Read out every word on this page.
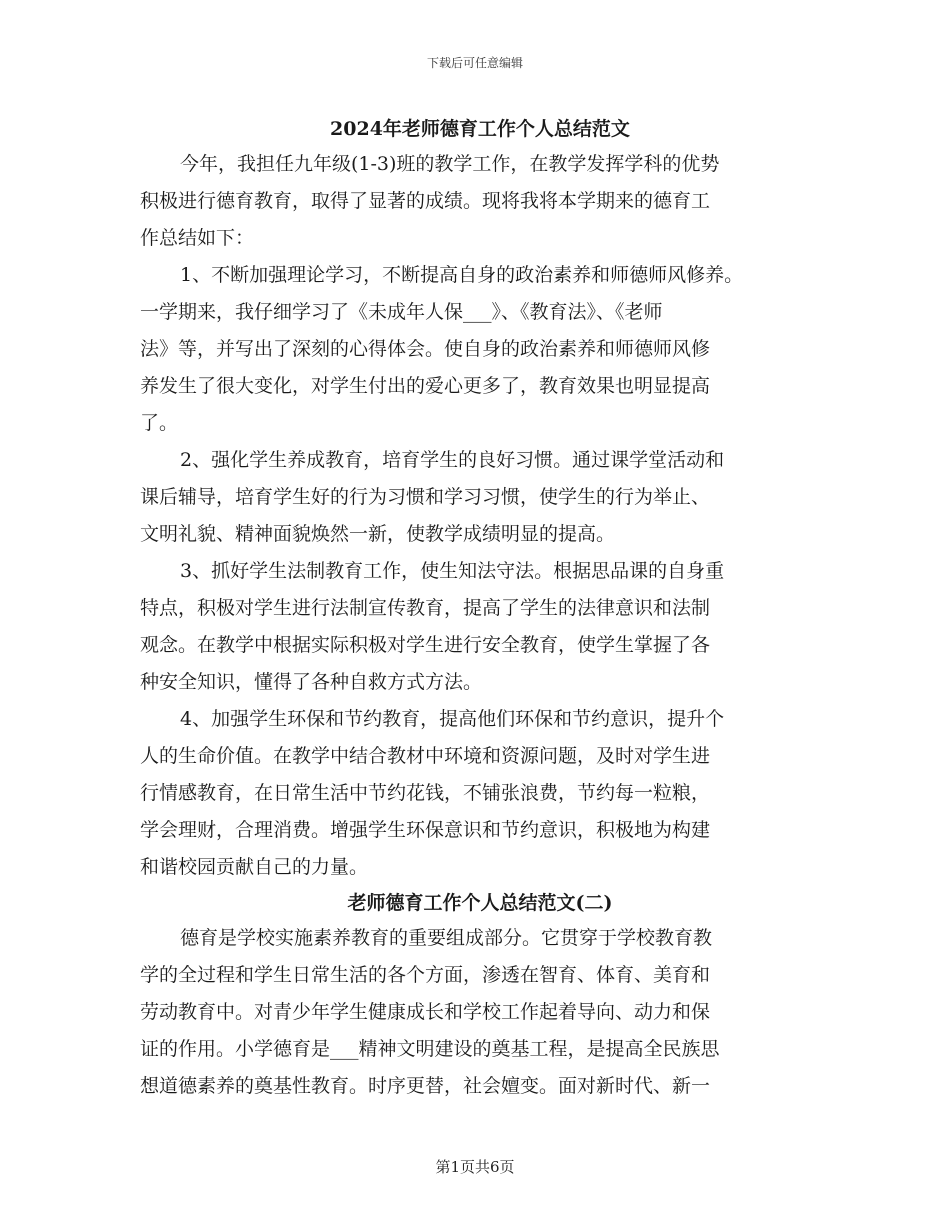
下载后可任意编辑
2024年老师德育工作个人总结范文

今年，我担任九年级(1-3)班的教学工作，在教学发挥学科的优势
积极进行德育教育，取得了显著的成绩。现将我将本学期来的德育工
作总结如下：

1、不断加强理论学习，不断提高自身的政治素养和师德师风修养。
一学期来，我仔细学习了《未成年人保___》、《教育法》、《老师
法》等，并写出了深刻的心得体会。使自身的政治素养和师德师风修
养发生了很大变化，对学生付出的爱心更多了，教育效果也明显提高
了。

2、强化学生养成教育，培育学生的良好习惯。通过课学堂活动和
课后辅导，培育学生好的行为习惯和学习习惯，使学生的行为举止、
文明礼貌、精神面貌焕然一新，使教学成绩明显的提高。

3、抓好学生法制教育工作，使生知法守法。根据思品课的自身重
特点，积极对学生进行法制宣传教育，提高了学生的法律意识和法制
观念。在教学中根据实际积极对学生进行安全教育，使学生掌握了各
种安全知识，懂得了各种自救方式方法。

4、加强学生环保和节约教育，提高他们环保和节约意识，提升个
人的生命价值。在教学中结合教材中环境和资源问题，及时对学生进
行情感教育，在日常生活中节约花钱，不铺张浪费，节约每一粒粮，
学会理财，合理消费。增强学生环保意识和节约意识，积极地为构建
和谐校园贡献自己的力量。

老师德育工作个人总结范文(二)

德育是学校实施素养教育的重要组成部分。它贯穿于学校教育教
学的全过程和学生日常生活的各个方面，渗透在智育、体育、美育和
劳动教育中。对青少年学生健康成长和学校工作起着导向、动力和保
证的作用。小学德育是___精神文明建设的奠基工程，是提高全民族思
想道德素养的奠基性教育。时序更替，社会嬗变。面对新时代、新一

第1页共6页
